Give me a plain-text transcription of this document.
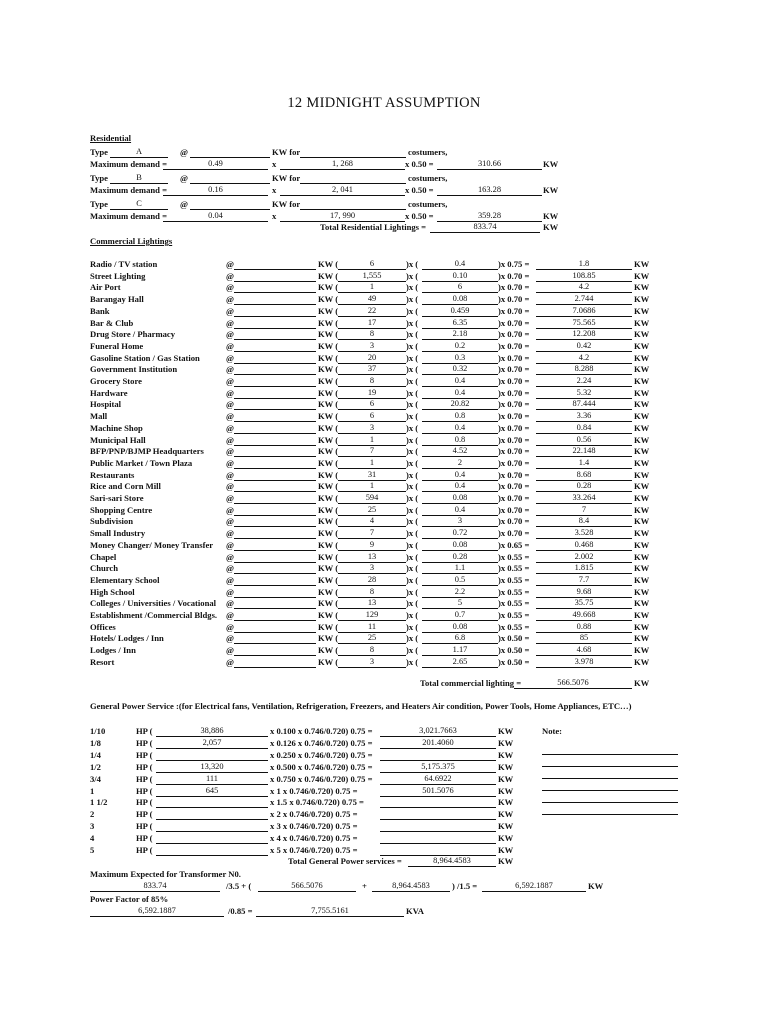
12 MIDNIGHT ASSUMPTION
Residential
Type	A	@	KW for	costumers,
Maximum demand =	0.49	x	1, 268	x 0.50 =	310.66	KW
Type	B	@	KW for	costumers,
Maximum demand =	0.16	x	2, 041	x 0.50 =	163.28	KW
Type	C	@	KW for	costumers,
Maximum demand =	0.04	x	17, 990	x 0.50 =	359.28	KW
Total Residential Lightings =	833.74	KW
Commercial Lightings
Radio / TV station	@	KW (	6	)x (	0.4	)x 0.75 =	1.8	KW
Street Lighting	@	KW (	1,555	)x (	0.10	)x 0.70 =	108.85	KW
Air Port	@	KW (	1	)x (	6	)x 0.70 =	4.2	KW
Barangay Hall	@	KW (	49	)x (	0.08	)x 0.70 =	2.744	KW
Bank	@	KW (	22	)x (	0.459	)x 0.70 =	7.0686	KW
Bar & Club	@	KW (	17	)x (	6.35	)x 0.70 =	75.565	KW
Drug Store / Pharmacy	@	KW (	8	)x (	2.18	)x 0.70 =	12.208	KW
Funeral Home	@	KW (	3	)x (	0.2	)x 0.70 =	0.42	KW
Gasoline Station / Gas Station	@	KW (	20	)x (	0.3	)x 0.70 =	4.2	KW
Government Institution	@	KW (	37	)x (	0.32	)x 0.70 =	8.288	KW
Grocery Store	@	KW (	8	)x (	0.4	)x 0.70 =	2.24	KW
Hardware	@	KW (	19	)x (	0.4	)x 0.70 =	5.32	KW
Hospital	@	KW (	6	)x (	20.82	)x 0.70 =	87.444	KW
Mall	@	KW (	6	)x (	0.8	)x 0.70 =	3.36	KW
Machine Shop	@	KW (	3	)x (	0.4	)x 0.70 =	0.84	KW
Municipal Hall	@	KW (	1	)x (	0.8	)x 0.70 =	0.56	KW
BFP/PNP/BJMP Headquarters	@	KW (	7	)x (	4.52	)x 0.70 =	22.148	KW
Public Market / Town Plaza	@	KW (	1	)x (	2	)x 0.70 =	1.4	KW
Restaurants	@	KW (	31	)x (	0.4	)x 0.70 =	8.68	KW
Rice and Corn Mill	@	KW (	1	)x (	0.4	)x 0.70 =	0.28	KW
Sari-sari Store	@	KW (	594	)x (	0.08	)x 0.70 =	33.264	KW
Shopping Centre	@	KW (	25	)x (	0.4	)x 0.70 =	7	KW
Subdivision	@	KW (	4	)x (	3	)x 0.70 =	8.4	KW
Small Industry	@	KW (	7	)x (	0.72	)x 0.70 =	3.528	KW
Money Changer/ Money Transfer @	KW (	9	)x (	0.08	)x 0.65 =	0.468	KW
Chapel	@	KW (	13	)x (	0.28	)x 0.55 =	2.002	KW
Church	@	KW (	3	)x (	1.1	)x 0.55 =	1.815	KW
Elementary School	@	KW (	28	)x (	0.5	)x 0.55 =	7.7	KW
High School	@	KW (	8	)x (	2.2	)x 0.55 =	9.68	KW
Colleges / Universities / Vocational @	KW (	13	)x (	5	)x 0.55 =	35.75	KW
Establishment /Commercial Bldgs. @	KW (	129	)x (	0.7	)x 0.55 =	49.668	KW
Offices	@	KW (	11	)x (	0.08	)x 0.55 =	0.88	KW
Hotels/ Lodges / Inn	@	KW (	25	)x (	6.8	)x 0.50 =	85	KW
Lodges / Inn	@	KW (	8	)x (	1.17	)x 0.50 =	4.68	KW
Resort	@	KW (	3	)x (	2.65	)x 0.50 =	3.978	KW
Total commercial lighting =	566.5076	KW
General Power Service :(for Electrical fans, Ventilation, Refrigeration, Freezers, and Heaters Air condition, Power Tools, Home Appliances, ETC…)
Note:
1/10	HP (	38,886	x 0.100 x 0.746/0.720) 0.75 =	3,021.7663	KW
1/8	HP (	2,057	x 0.126 x 0.746/0.720) 0.75 =	201.4060	KW
1/4	HP (	x 0.250 x 0.746/0.720) 0.75 =	KW
1/2	HP (	13,320	x 0.500 x 0.746/0.720) 0.75 =	5,175.375	KW
3/4	HP (	111	x 0.750 x 0.746/0.720) 0.75 =	64.6922	KW
1	HP (	645	x 1 x 0.746/0.720) 0.75 =	501.5076	KW
1 1/2	HP (	x 1.5 x 0.746/0.720) 0.75 =	KW
2	HP (	x 2 x 0.746/0.720) 0.75 =	KW
3	HP (	x 3 x 0.746/0.720) 0.75 =	KW
4	HP (	x 4 x 0.746/0.720) 0.75 =	KW
5	HP (	x 5 x 0.746/0.720) 0.75 =	KW
Total General Power services =	8,964.4583	KW
Maximum Expected for Transformer N0.
833.74	/3.5 + (	566.5076	+	8,964.4583	) /1.5 =	6,592.1887	KW
Power Factor of 85%
6,592.1887	/0.85 =	7,755.5161	KVA
